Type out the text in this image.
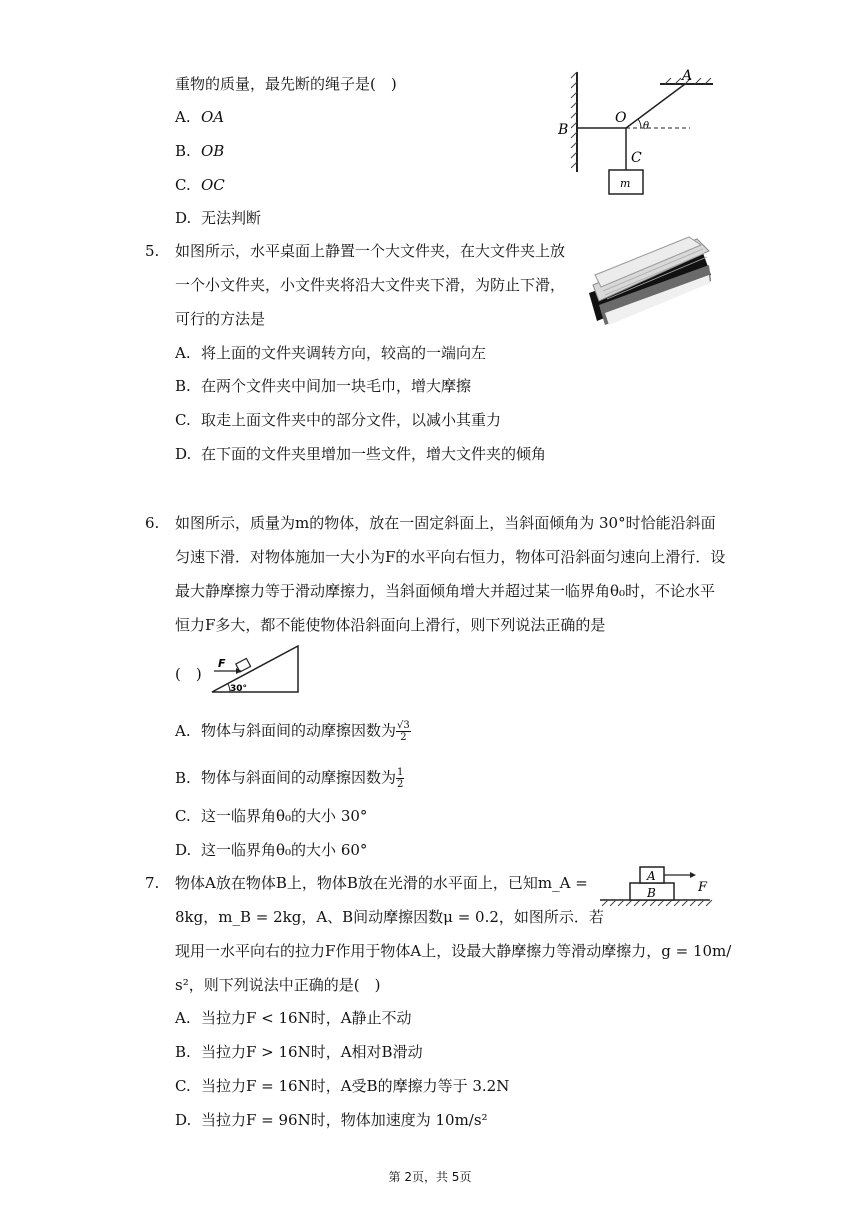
重物的质量，最先断的绳子是(　)
A. OA
B. OB
C. OC
D. 无法判断
B
O
A
C
m
θ
5. 如图所示，水平桌面上静置一个大文件夹，在大文件夹上放
一个小文件夹，小文件夹将沿大文件夹下滑，为防止下滑，
可行的方法是
A. 将上面的文件夹调转方向，较高的一端向左
B. 在两个文件夹中间加一块毛巾，增大摩擦
C. 取走上面文件夹中的部分文件，以减小其重力
D. 在下面的文件夹里增加一些文件，增大文件夹的倾角
6. 如图所示，质量为m的物体，放在一固定斜面上，当斜面倾角为 30°时恰能沿斜面
匀速下滑．对物体施加一大小为F的水平向右恒力，物体可沿斜面匀速向上滑行．设
最大静摩擦力等于滑动摩擦力，当斜面倾角增大并超过某一临界角θ₀时，不论水平
恒力F多大，都不能使物体沿斜面向上滑行，则下列说法正确的是
(　)
F
30°
A. 物体与斜面间的动摩擦因数为 $\frac{√3}{2}$
B. 物体与斜面间的动摩擦因数为 $\frac{1}{2}$
C. 这一临界角θ₀的大小 30°
D. 这一临界角θ₀的大小 60°
7. 物体A放在物体B上，物体B放在光滑的水平面上，已知m_A =
8kg，m_B = 2kg，A、B间动摩擦因数μ = 0.2，如图所示．若
现用一水平向右的拉力F作用于物体A上，设最大静摩擦力等滑动摩擦力，g = 10m/
s²，则下列说法中正确的是(　)
A
B	F
A. 当拉力F < 16N时，A静止不动
B. 当拉力F > 16N时，A相对B滑动
C. 当拉力F = 16N时，A受B的摩擦力等于 3.2N
D. 当拉力F = 96N时，物体加速度为 10m/s²
第 2页，共 5页
